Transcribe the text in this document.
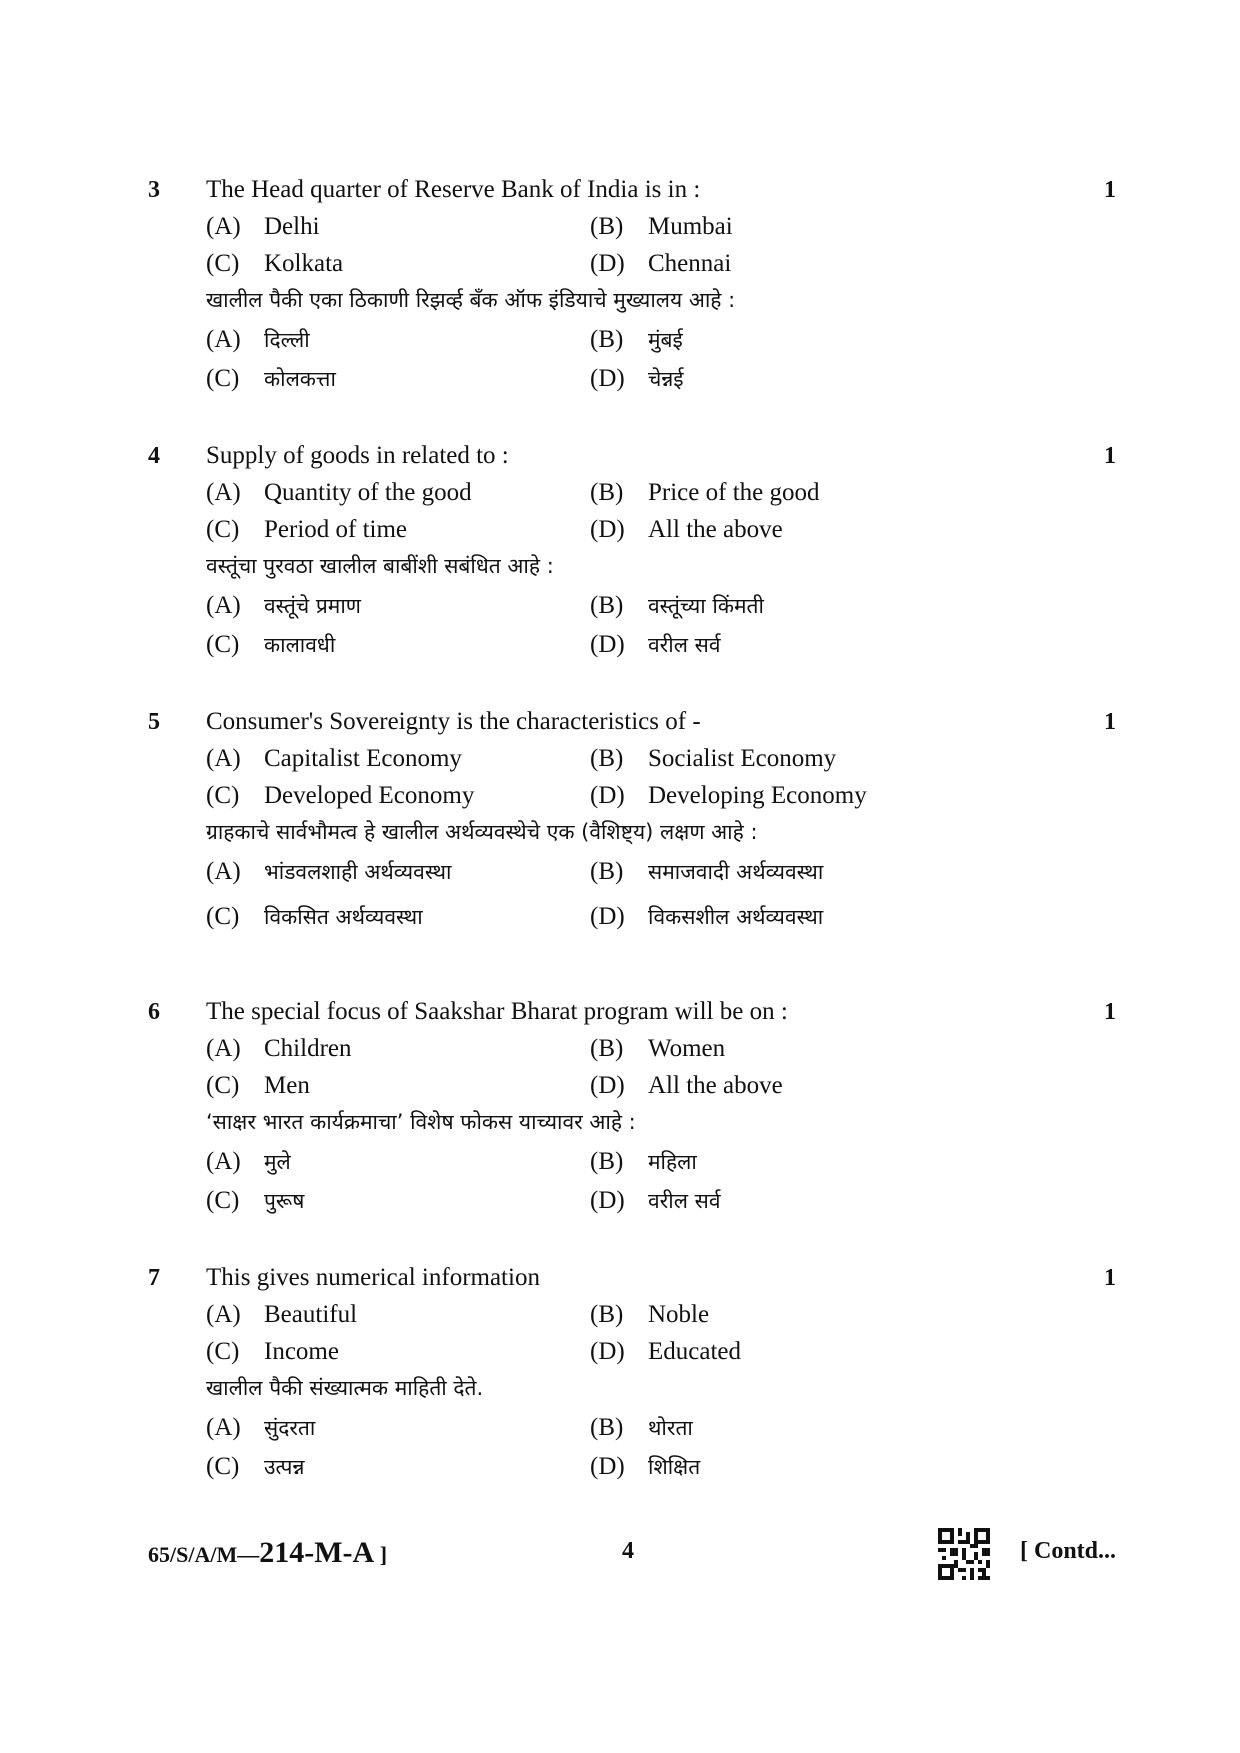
3 The Head quarter of Reserve Bank of India is in :	1
(A) Delhi	(B) Mumbai
(C) Kolkata	(D) Chennai
खालील पैकी एका ठिकाणी रिझर्व्ह बँक ऑफ इंडियाचे मुख्यालय आहे :
(A) दिल्ली	(B) मुंबई
(C) कोलकत्ता	(D) चेन्नई
4 Supply of goods in related to :	1
(A) Quantity of the good	(B) Price of the good
(C) Period of time	(D) All the above
वस्तूंचा पुरवठा खालील बाबींशी सबंधित आहे :
(A) वस्तूंचे प्रमाण	(B) वस्तूंच्या किंमती
(C) कालावधी	(D) वरील सर्व
5 Consumer's Sovereignty is the characteristics of -	1
(A) Capitalist Economy	(B) Socialist Economy
(C) Developed Economy	(D) Developing Economy
ग्राहकाचे सार्वभौमत्व हे खालील अर्थव्यवस्थेचे एक (वैशिष्ट्य) लक्षण आहे :
(A) भांडवलशाही अर्थव्यवस्था	(B) समाजवादी अर्थव्यवस्था
(C) विकसित अर्थव्यवस्था	(D) विकसशील अर्थव्यवस्था
6 The special focus of Saakshar Bharat program will be on :	1
(A) Children	(B) Women
(C) Men	(D) All the above
‘साक्षर भारत कार्यक्रमाचा’ विशेष फोकस याच्यावर आहे :
(A) मुले	(B) महिला
(C) पुरूष	(D) वरील सर्व
7 This gives numerical information	1
(A) Beautiful	(B) Noble
(C) Income	(D) Educated
खालील पैकी संख्यात्मक माहिती देते.
(A) सुंदरता	(B) थोरता
(C) उत्पन्न	(D) शिक्षित
65/S/A/M—214-M-A ]	4	[ Contd...
